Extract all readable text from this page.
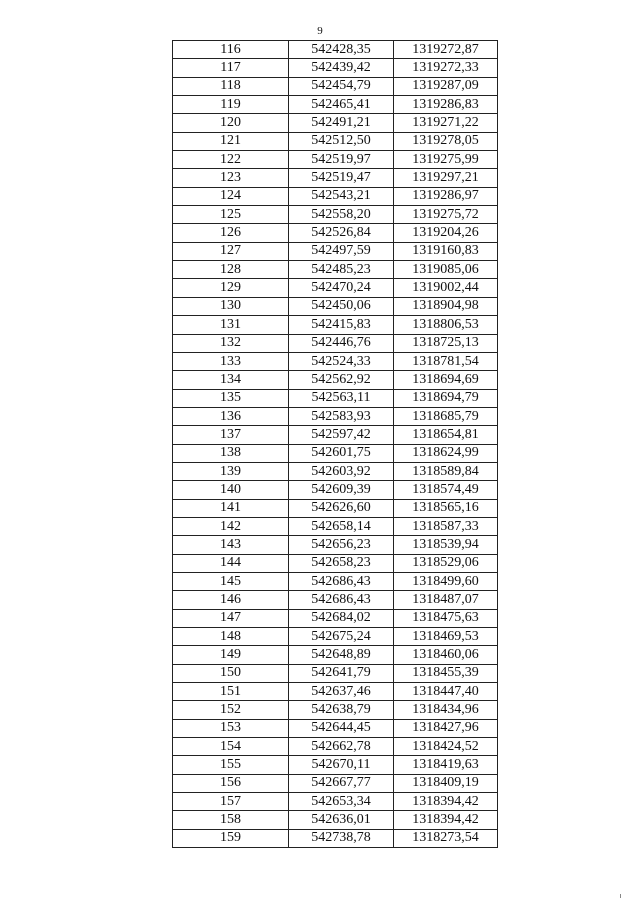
9
116	542428,35	1319272,87
117	542439,42	1319272,33
118	542454,79	1319287,09
119	542465,41	1319286,83
120	542491,21	1319271,22
121	542512,50	1319278,05
122	542519,97	1319275,99
123	542519,47	1319297,21
124	542543,21	1319286,97
125	542558,20	1319275,72
126	542526,84	1319204,26
127	542497,59	1319160,83
128	542485,23	1319085,06
129	542470,24	1319002,44
130	542450,06	1318904,98
131	542415,83	1318806,53
132	542446,76	1318725,13
133	542524,33	1318781,54
134	542562,92	1318694,69
135	542563,11	1318694,79
136	542583,93	1318685,79
137	542597,42	1318654,81
138	542601,75	1318624,99
139	542603,92	1318589,84
140	542609,39	1318574,49
141	542626,60	1318565,16
142	542658,14	1318587,33
143	542656,23	1318539,94
144	542658,23	1318529,06
145	542686,43	1318499,60
146	542686,43	1318487,07
147	542684,02	1318475,63
148	542675,24	1318469,53
149	542648,89	1318460,06
150	542641,79	1318455,39
151	542637,46	1318447,40
152	542638,79	1318434,96
153	542644,45	1318427,96
154	542662,78	1318424,52
155	542670,11	1318419,63
156	542667,77	1318409,19
157	542653,34	1318394,42
158	542636,01	1318394,42
159	542738,78	1318273,54
